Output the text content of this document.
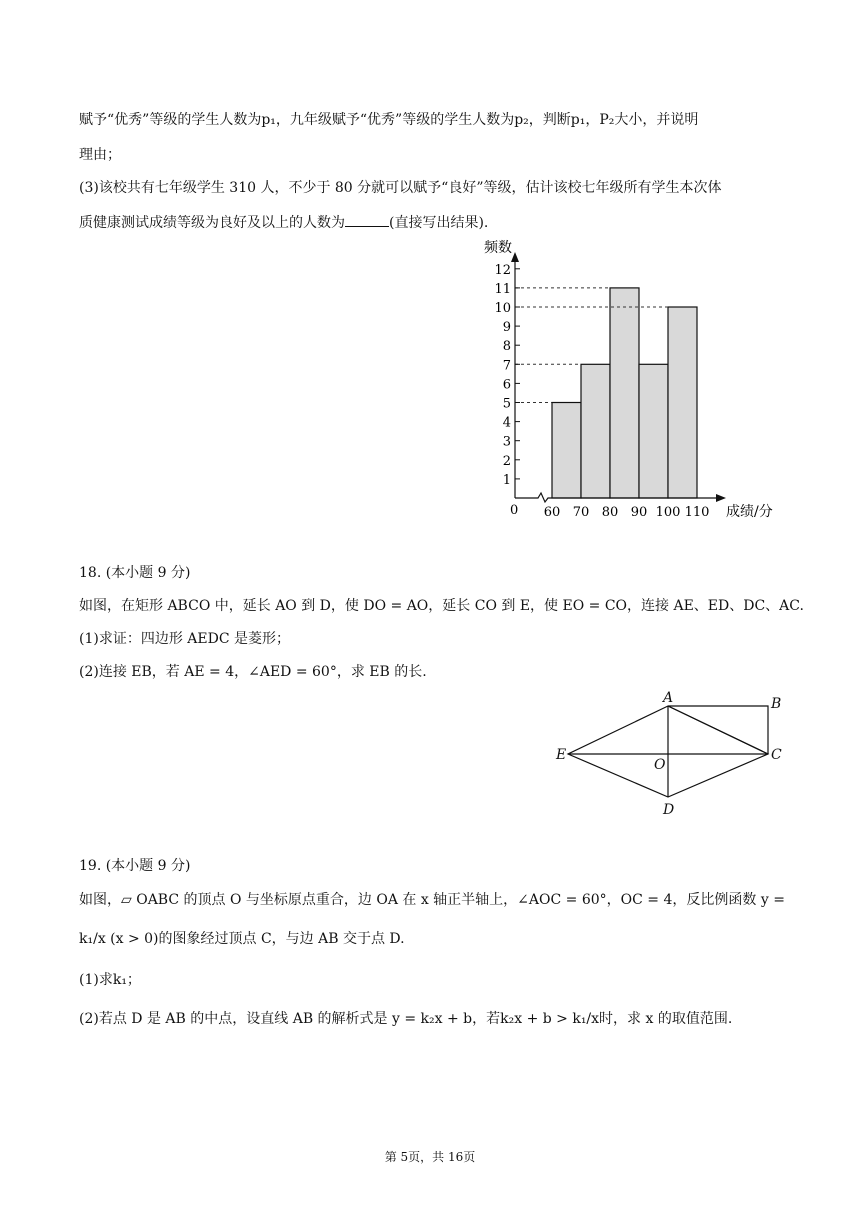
赋予“优秀”等级的学生人数为p₁，九年级赋予“优秀”等级的学生人数为p₂，判断p₁，P₂大小，并说明
理由；
(3)该校共有七年级学生 310 人，不少于 80 分就可以赋予“良好”等级，估计该校七年级所有学生本次体
质健康测试成绩等级为良好及以上的人数为	(直接写出结果).
1
2
3
4
5
6
7
8
9
10
11
12
60 70 80 90 100 110
频数
成绩/分
0
18. (本小题 9 分)
如图，在矩形 ABCO 中，延长 AO 到 D，使 DO = AO，延长 CO 到 E，使 EO = CO，连接 AE、ED、DC、AC.
(1)求证：四边形 AEDC 是菱形；
(2)连接 EB，若 AE = 4，∠AED = 60°，求 EB 的长.
A	B
C
D
E
O
19. (本小题 9 分)
如图，▱ OABC 的顶点 O 与坐标原点重合，边 OA 在 x 轴正半轴上，∠AOC = 60°，OC = 4，反比例函数 y =
k₁/x (x > 0)的图象经过顶点 C，与边 AB 交于点 D.
(1)求k₁；
(2)若点 D 是 AB 的中点，设直线 AB 的解析式是 y = k₂x + b，若k₂x + b > k₁/x时，求 x 的取值范围.
第 5页，共 16页
